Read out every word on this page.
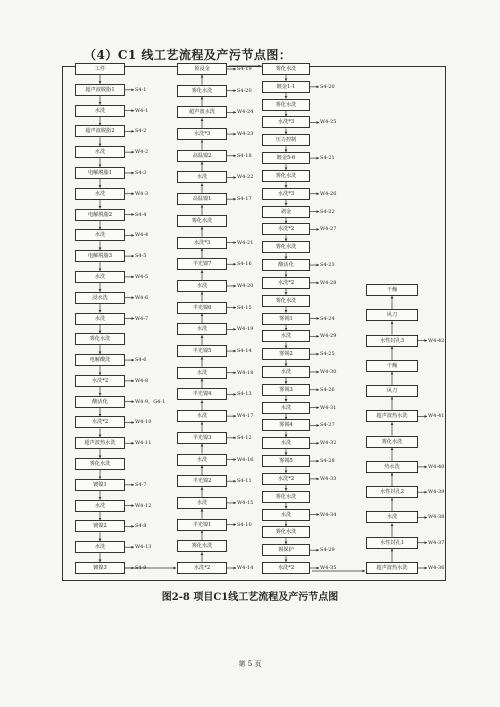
（4）C1 线工艺流程及产污节点图：
工件
超声波脱脂1	S4-1
水洗	W4-1
超声波脱脂2	S4-2
水洗	W4-2
电解脱脂1	S4-3
水洗	W4-3
电解脱脂2	S4-4
水洗	W4-4
电解脱脂3	S4-5
水洗	W4-5
浸水洗	W4-6
水洗	W4-7
雾化水洗
电解酸洗	S4-6
水洗*2	W4-8
酸活化	W4-9、G4-1
水洗*2	W4-10
超声波热水洗	W4-11
雾化水洗
镀镍1	S4-7
水洗	W4-12
镀镍2	S4-8
水洗	W4-13
镀镍3	S4-9
预浸金	S4-19
雾化水洗	S4-20
超声波水洗	W4-24
水洗*3	W4-23
高温镍2	S4-18
水洗	W4-22
高温镍1	S4-17
雾化水洗
水洗*3	W4-21
半光镍7	S4-16
水洗	W4-20
半光镍6	S4-15
水洗	W4-19
半光镍5	S4-14
水洗	W4-18
半光镍4	S4-13
水洗	W4-17
半光镍3	S4-12
水洗	W4-16
半光镍2	S4-11
水洗	W4-15
半光镍1	S4-10
雾化水洗
水洗*2	W4-14
雾化水洗
镀金1-1	S4-20
雾化水洗
水洗*3	W4-25
压力控制
镀金5-6	S4-21
雾化水洗
水洗*3	W4-26
剥金	S4-22
水洗*2	W4-27
雾化水洗
酸活化	S4-23
水洗*2	W4-28
雾化水洗
雾锡1	S4-24
水洗	W4-29
雾锡2	S4-25
水洗	W4-30
雾锡3	S4-26
水洗	W4-31
雾锡4	S4-27
水洗	W4-32
雾锡5	S4-28
水洗*2	W4-33
雾化水洗
水洗	W4-34
雾化水洗
锡保护	S4-29
水洗*2	W4-35
干燥
风刀
水性封孔3	W4-42
干燥
风刀
超声波热水洗	W4-41
雾化水洗
热水洗	W4-40
水性封孔2	W4-39
水洗	W4-38
水性封孔1	W4-37
超声波热水洗	W4-36
图2-8 项目C1线工艺流程及产污节点图
第 5 页
